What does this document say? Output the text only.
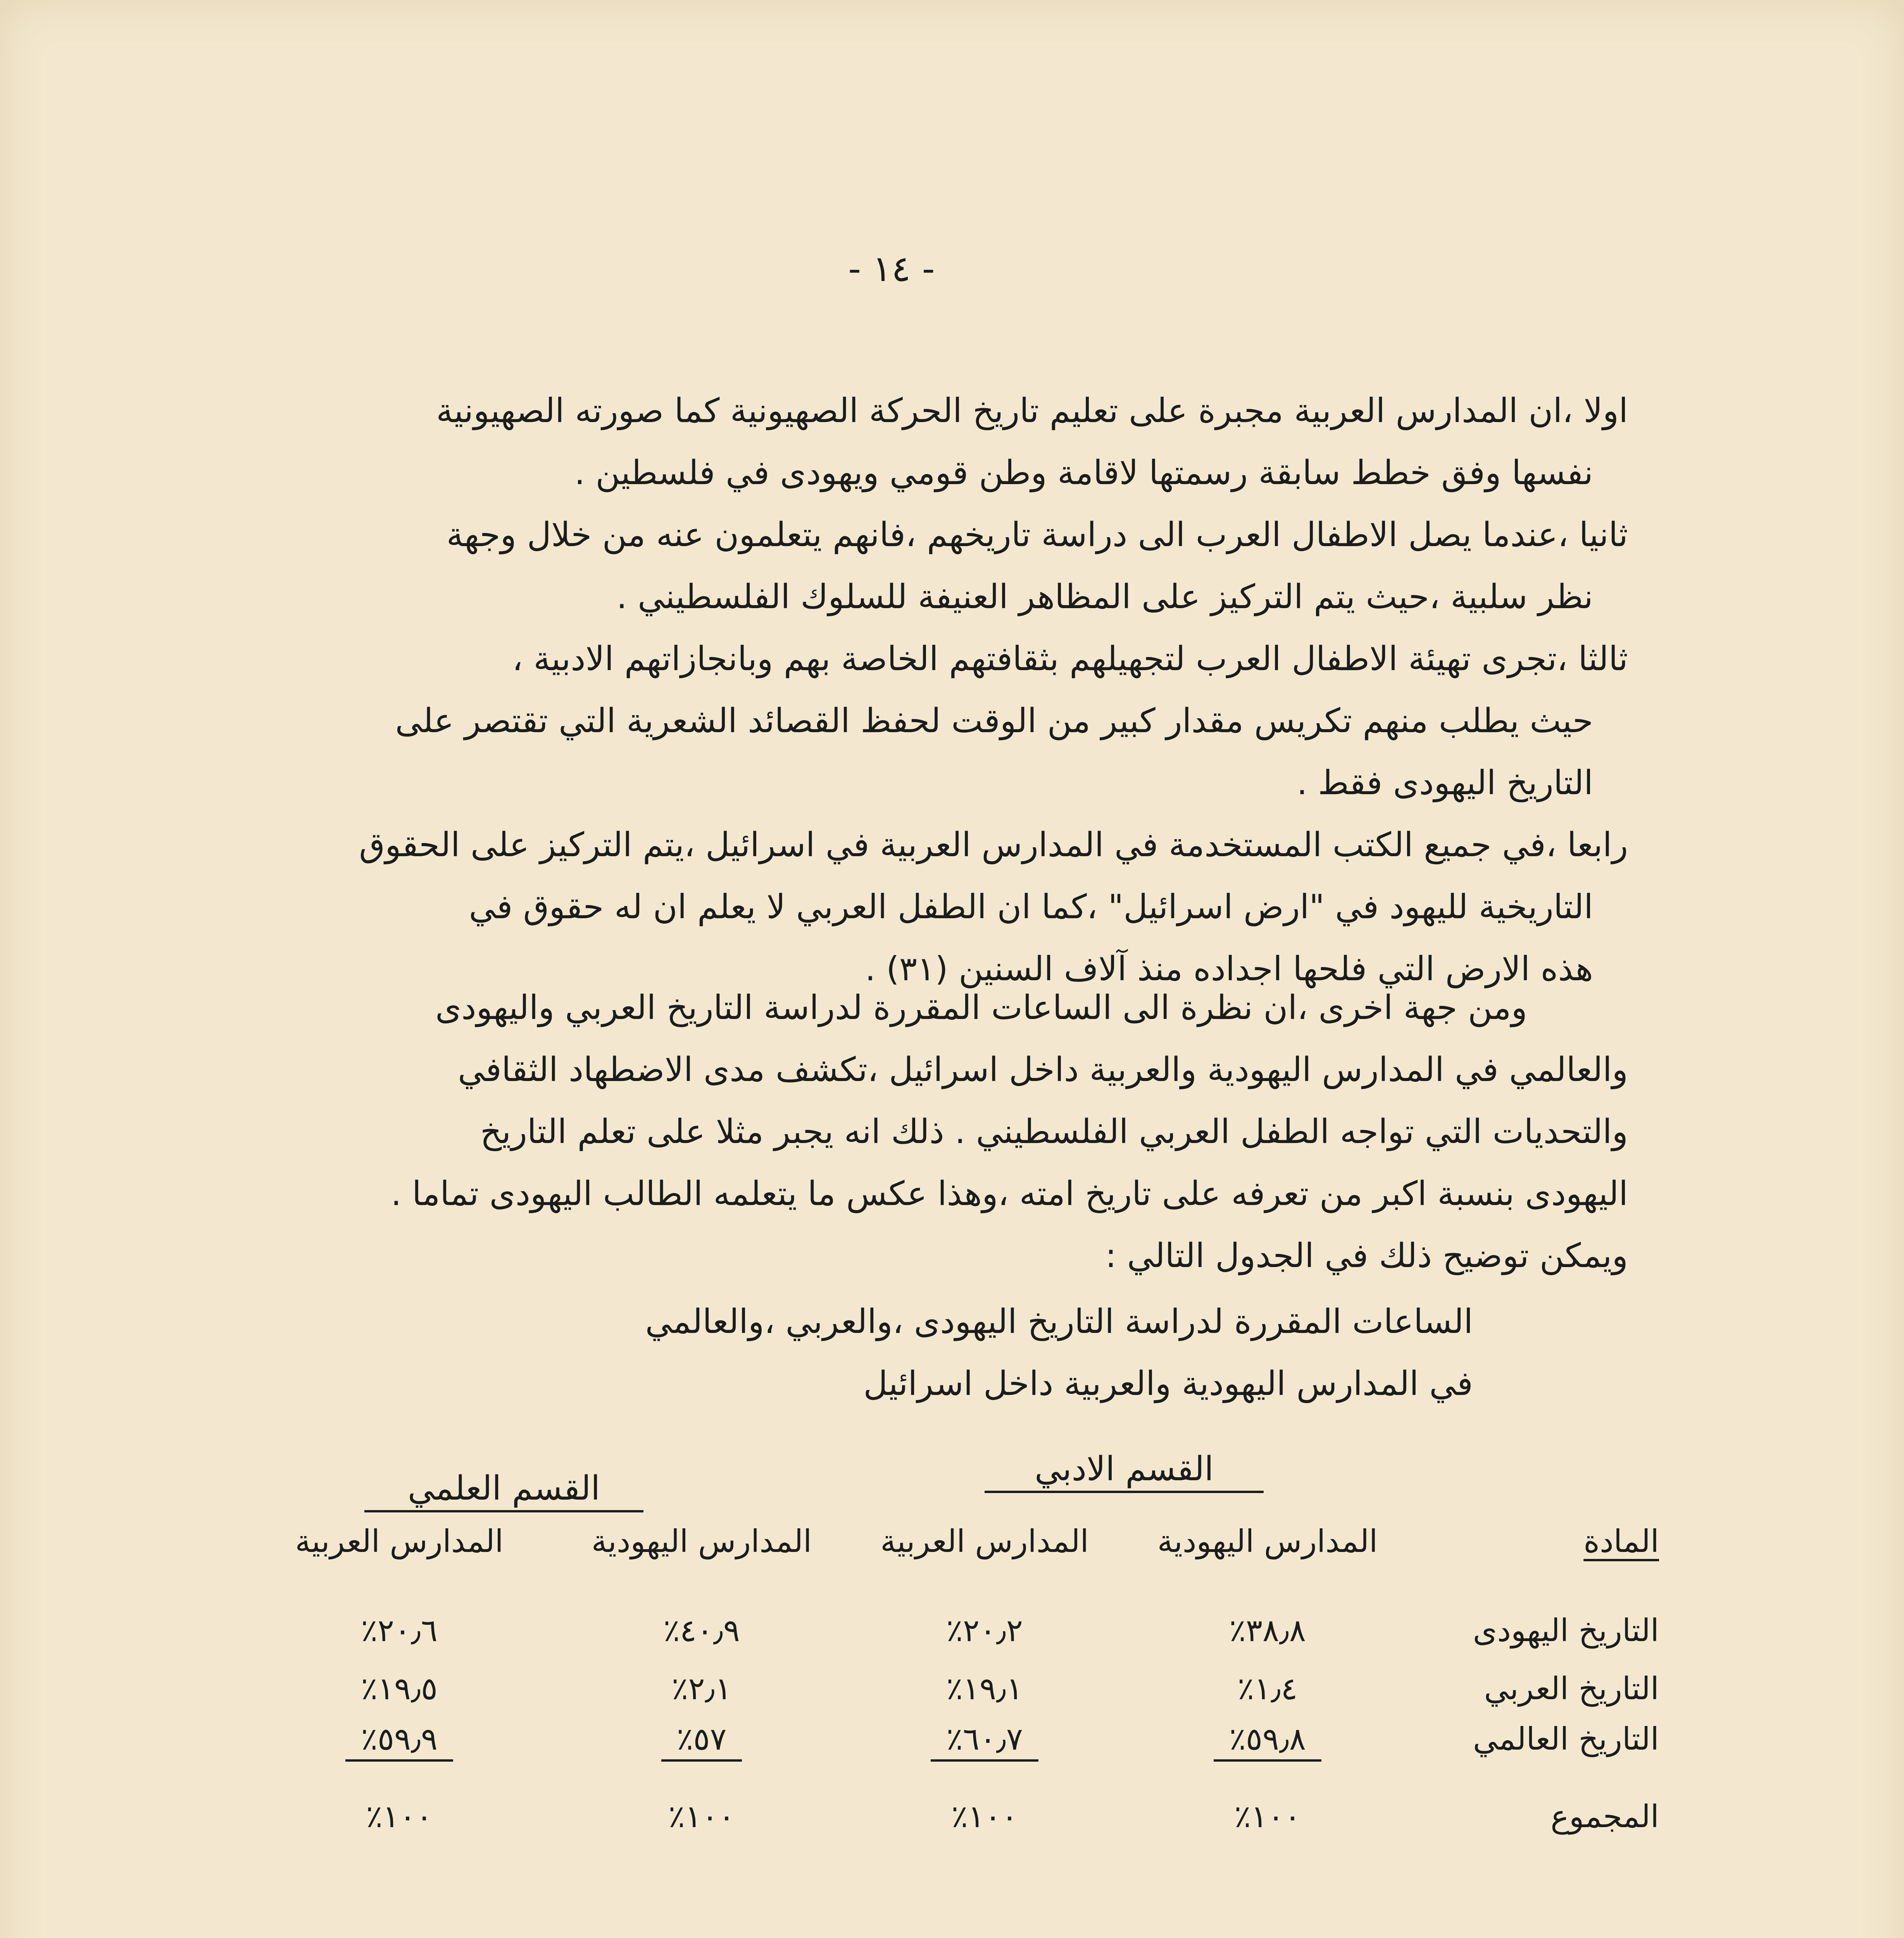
- ١٤ -
اولا ،ان المدارس العربية مجبرة على تعليم تاريخ الحركة الصهيونية كما صورته الصهيونية
نفسها وفق خطط سابقة رسمتها لاقامة وطن قومي ويهودى في فلسطين .
ثانيا ،عندما يصل الاطفال العرب الى دراسة تاريخهم ،فانهم يتعلمون عنه من خلال وجهة
نظر سلبية ،حيث يتم التركيز على المظاهر العنيفة للسلوك الفلسطيني .
ثالثا ،تجرى تهيئة الاطفال العرب لتجهيلهم بثقافتهم الخاصة بهم وبانجازاتهم الادبية ،
حيث يطلب منهم تكريس مقدار كبير من الوقت لحفظ القصائد الشعرية التي تقتصر على
التاريخ اليهودى فقط .
رابعا ،في جميع الكتب المستخدمة في المدارس العربية في اسرائيل ،يتم التركيز على الحقوق
التاريخية لليهود في "ارض اسرائيل" ،كما ان الطفل العربي لا يعلم ان له حقوق في
هذه الارض التي فلحها اجداده منذ آلاف السنين (٣١) .
ومن جهة اخرى ،ان نظرة الى الساعات المقررة لدراسة التاريخ العربي واليهودى
والعالمي في المدارس اليهودية والعربية داخل اسرائيل ،تكشف مدى الاضطهاد الثقافي
والتحديات التي تواجه الطفل العربي الفلسطيني . ذلك انه يجبر مثلا على تعلم التاريخ
اليهودى بنسبة اكبر من تعرفه على تاريخ امته ،وهذا عكس ما يتعلمه الطالب اليهودى تماما .
ويمكن توضيح ذلك في الجدول التالي :
الساعات المقررة لدراسة التاريخ اليهودى ،والعربي ،والعالمي
في المدارس اليهودية والعربية داخل اسرائيل
القسم الادبي
القسم العلمي
المادة
المدارس اليهودية
المدارس العربية
المدارس اليهودية
المدارس العربية
التاريخ اليهودى
٣٨٫٨٪
٢٠٫٢٪
٤٠٫٩٪
٢٠٫٦٪
التاريخ العربي
١٫٤٪
١٩٫١٪
٢٫١٪
١٩٫٥٪
التاريخ العالمي
٥٩٫٨٪
٦٠٫٧٪
٥٧٪
٥٩٫٩٪
المجموع
١٠٠٪
١٠٠٪
١٠٠٪
١٠٠٪
